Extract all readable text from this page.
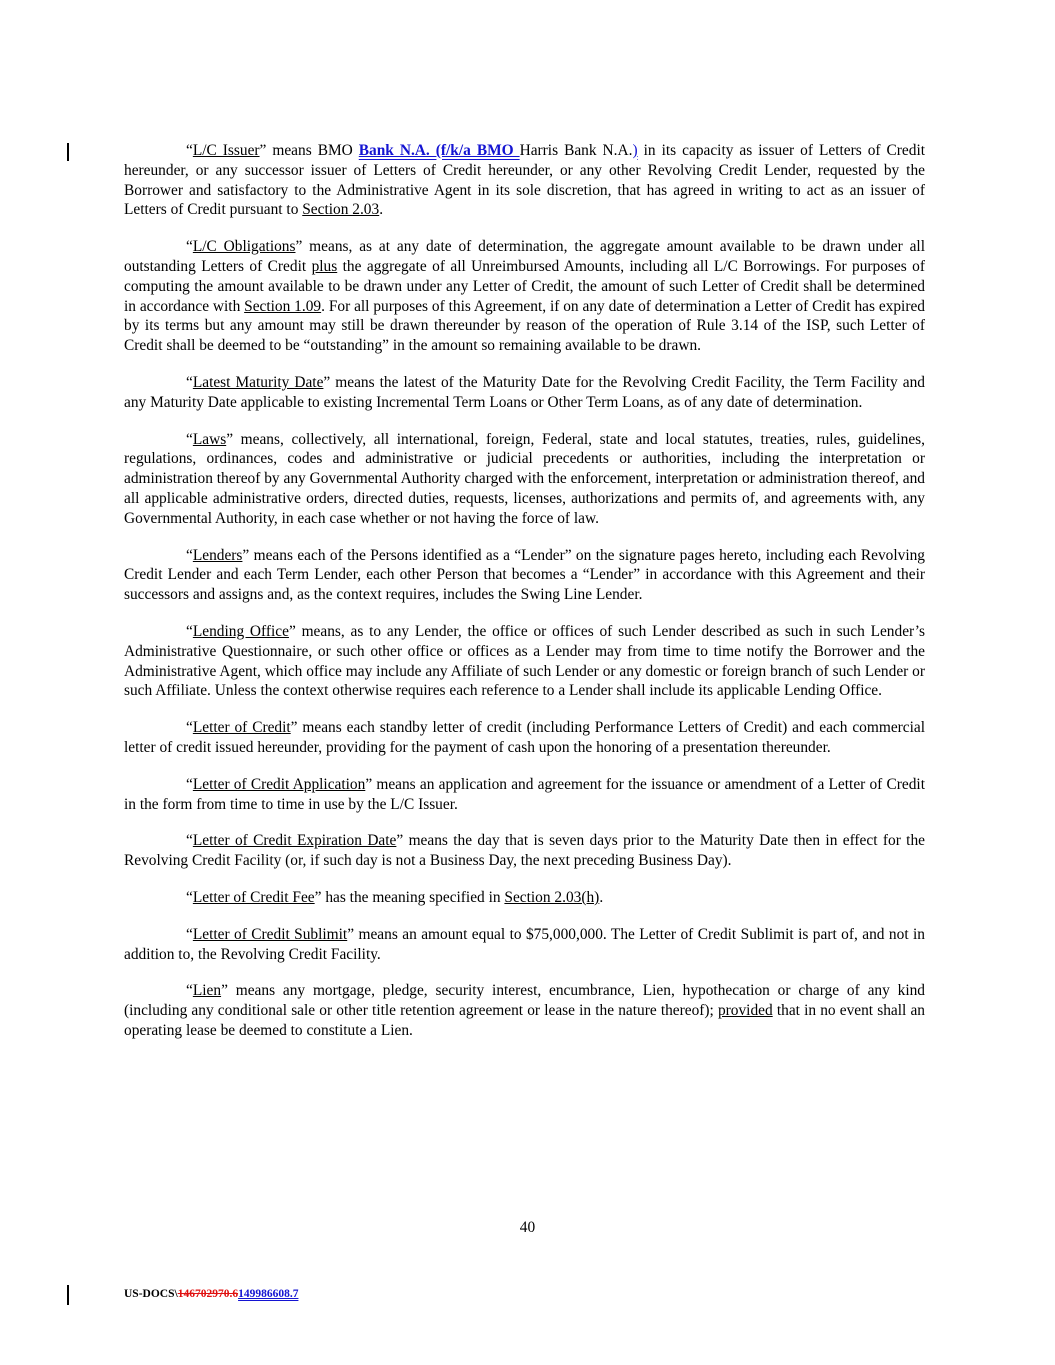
“L/C Issuer” means BMO Bank N.A. (f/k/a BMO Harris Bank N.A.) in its capacity as issuer of Letters of Credit hereunder, or any successor issuer of Letters of Credit hereunder, or any other Revolving Credit Lender, requested by the Borrower and satisfactory to the Administrative Agent in its sole discretion, that has agreed in writing to act as an issuer of Letters of Credit pursuant to Section 2.03.

“L/C Obligations” means, as at any date of determination, the aggregate amount available to be drawn under all outstanding Letters of Credit plus the aggregate of all Unreimbursed Amounts, including all L/C Borrowings. For purposes of computing the amount available to be drawn under any Letter of Credit, the amount of such Letter of Credit shall be determined in accordance with Section 1.09. For all purposes of this Agreement, if on any date of determination a Letter of Credit has expired by its terms but any amount may still be drawn thereunder by reason of the operation of Rule 3.14 of the ISP, such Letter of Credit shall be deemed to be “outstanding” in the amount so remaining available to be drawn.

“Latest Maturity Date” means the latest of the Maturity Date for the Revolving Credit Facility, the Term Facility and any Maturity Date applicable to existing Incremental Term Loans or Other Term Loans, as of any date of determination.

“Laws” means, collectively, all international, foreign, Federal, state and local statutes, treaties, rules, guidelines, regulations, ordinances, codes and administrative or judicial precedents or authorities, including the interpretation or administration thereof by any Governmental Authority charged with the enforcement, interpretation or administration thereof, and all applicable administrative orders, directed duties, requests, licenses, authorizations and permits of, and agreements with, any Governmental Authority, in each case whether or not having the force of law.

“Lenders” means each of the Persons identified as a “Lender” on the signature pages hereto, including each Revolving Credit Lender and each Term Lender, each other Person that becomes a “Lender” in accordance with this Agreement and their successors and assigns and, as the context requires, includes the Swing Line Lender.

“Lending Office” means, as to any Lender, the office or offices of such Lender described as such in such Lender’s Administrative Questionnaire, or such other office or offices as a Lender may from time to time notify the Borrower and the Administrative Agent, which office may include any Affiliate of such Lender or any domestic or foreign branch of such Lender or such Affiliate. Unless the context otherwise requires each reference to a Lender shall include its applicable Lending Office.

“Letter of Credit” means each standby letter of credit (including Performance Letters of Credit) and each commercial letter of credit issued hereunder, providing for the payment of cash upon the honoring of a presentation thereunder.

“Letter of Credit Application” means an application and agreement for the issuance or amendment of a Letter of Credit in the form from time to time in use by the L/C Issuer.

“Letter of Credit Expiration Date” means the day that is seven days prior to the Maturity Date then in effect for the Revolving Credit Facility (or, if such day is not a Business Day, the next preceding Business Day).

“Letter of Credit Fee” has the meaning specified in Section 2.03(h).

“Letter of Credit Sublimit” means an amount equal to $75,000,000. The Letter of Credit Sublimit is part of, and not in addition to, the Revolving Credit Facility.

“Lien” means any mortgage, pledge, security interest, encumbrance, Lien, hypothecation or charge of any kind (including any conditional sale or other title retention agreement or lease in the nature thereof); provided that in no event shall an operating lease be deemed to constitute a Lien.

40
US-DOCS\146702970.6149986608.7
